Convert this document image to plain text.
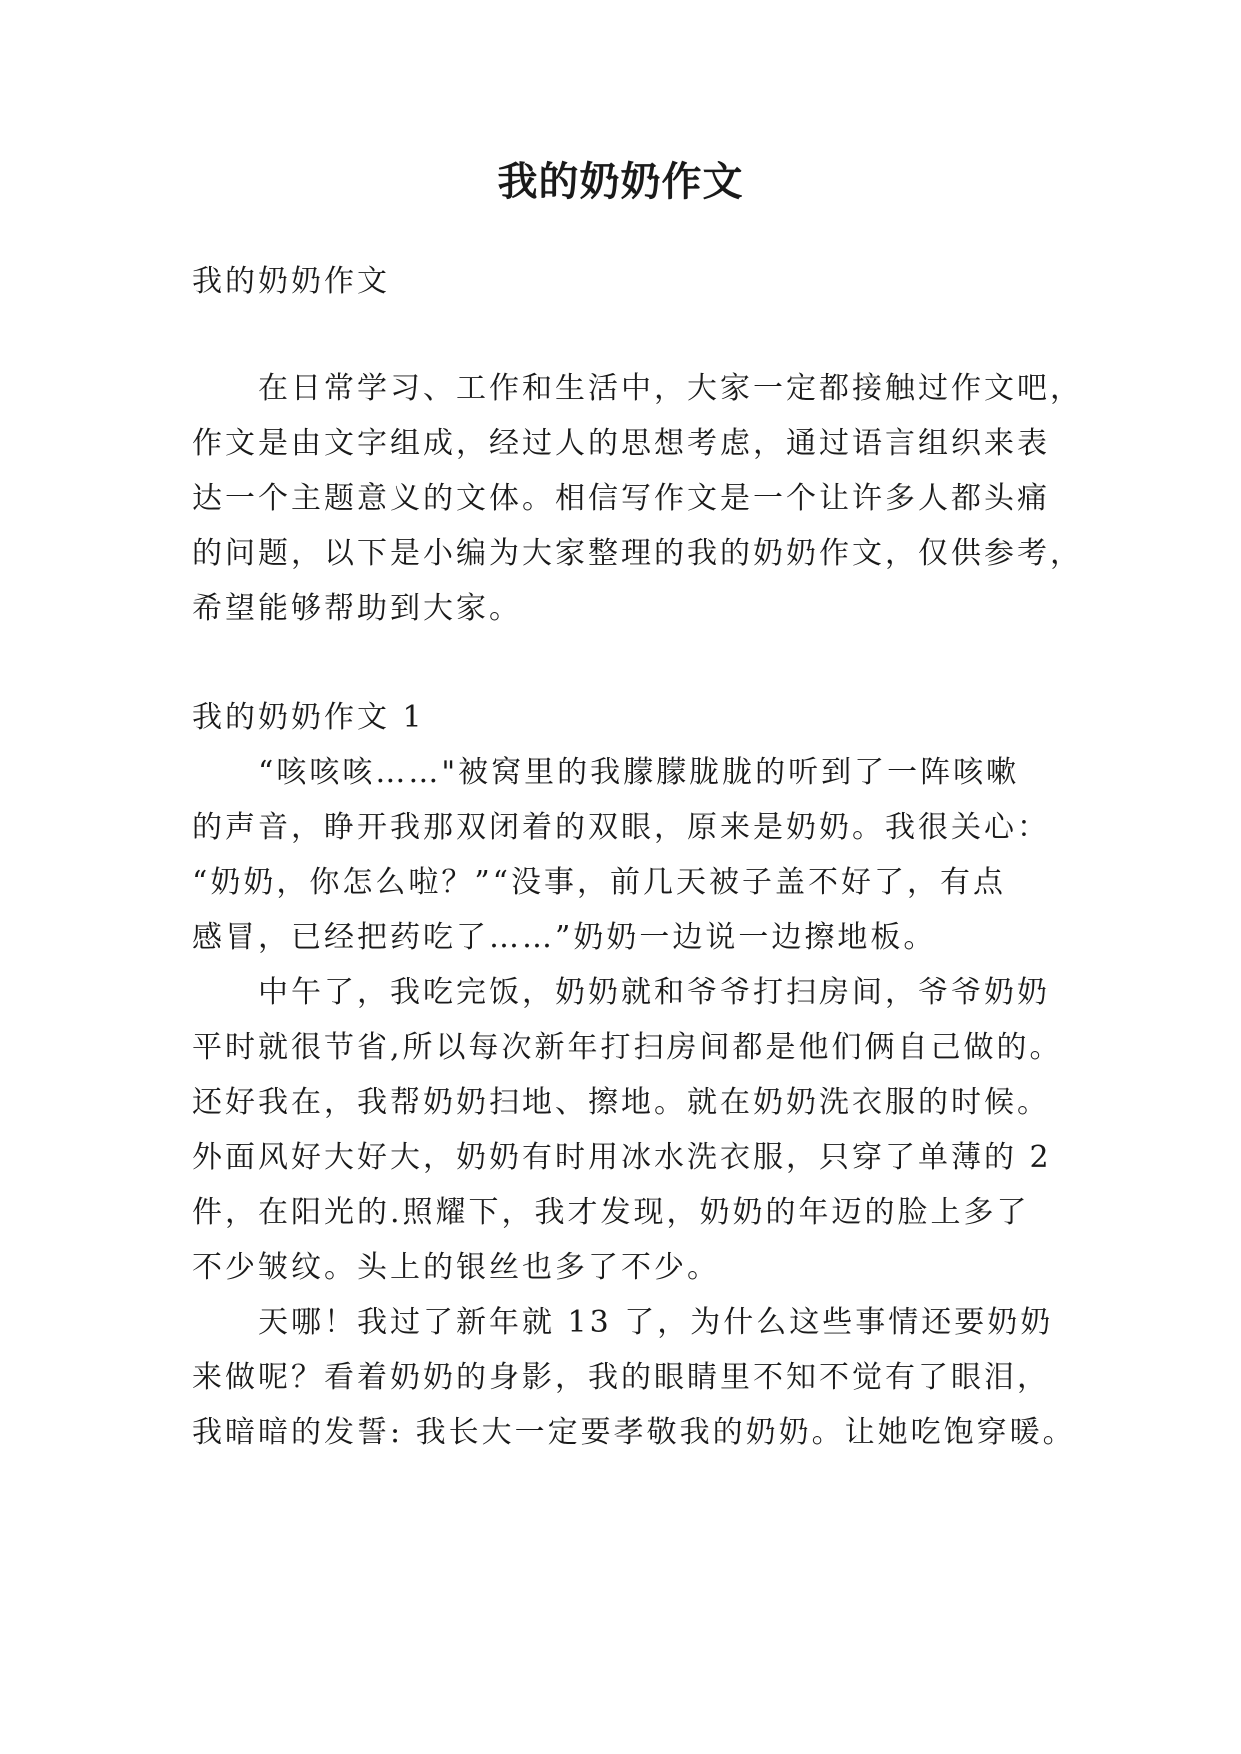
我的奶奶作文

我的奶奶作文

在日常学习、工作和生活中，大家一定都接触过作文吧，

作文是由文字组成，经过人的思想考虑，通过语言组织来表

达一个主题意义的文体。相信写作文是一个让许多人都头痛

的问题，以下是小编为大家整理的我的奶奶作文，仅供参考，

希望能够帮助到大家。

我的奶奶作文 1

“咳咳咳……"被窝里的我朦朦胧胧的听到了一阵咳嗽

的声音，睁开我那双闭着的双眼，原来是奶奶。我很关心：

“奶奶，你怎么啦？”“没事，前几天被子盖不好了，有点

感冒，已经把药吃了……”奶奶一边说一边擦地板。

中午了，我吃完饭，奶奶就和爷爷打扫房间，爷爷奶奶

平时就很节省,所以每次新年打扫房间都是他们俩自己做的。

还好我在，我帮奶奶扫地、擦地。就在奶奶洗衣服的时候。

外面风好大好大，奶奶有时用冰水洗衣服，只穿了单薄的 2

件，在阳光的.照耀下，我才发现，奶奶的年迈的脸上多了

不少皱纹。头上的银丝也多了不少。

天哪！我过了新年就 13 了，为什么这些事情还要奶奶

来做呢？看着奶奶的身影，我的眼睛里不知不觉有了眼泪，

我暗暗的发誓: 我长大一定要孝敬我的奶奶。让她吃饱穿暖。
